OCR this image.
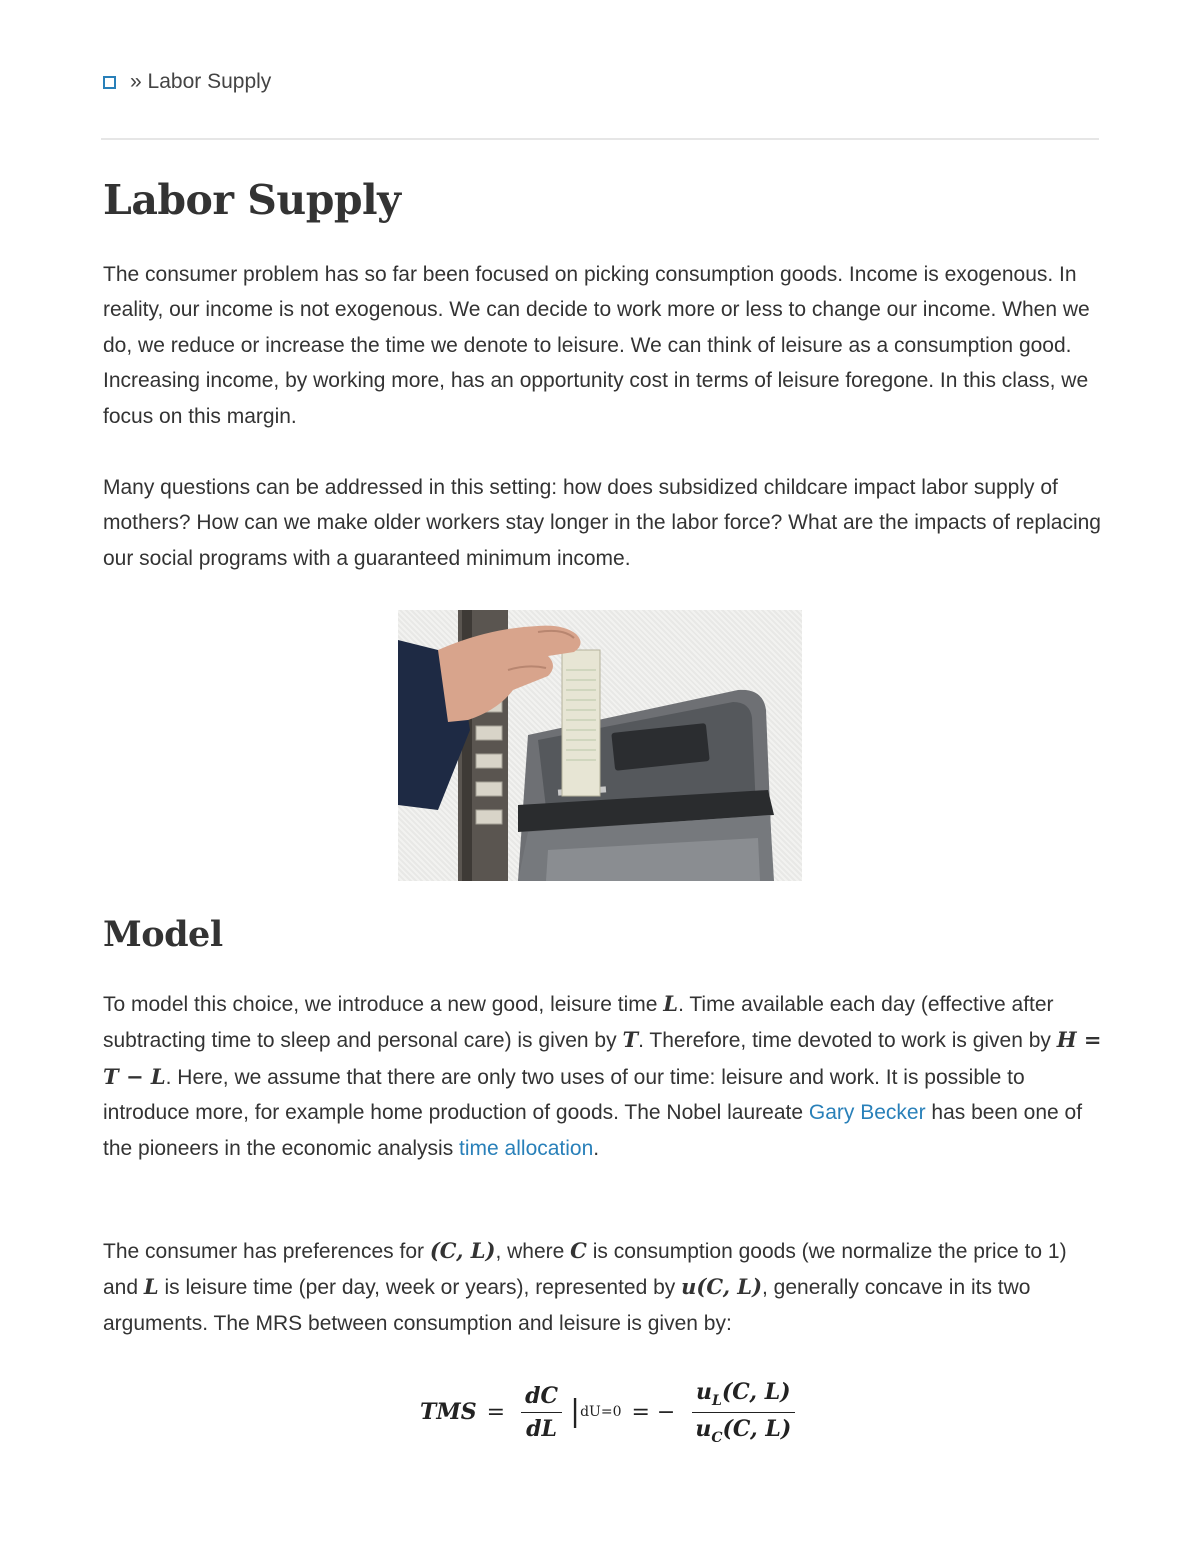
»
Labor Supply
Labor Supply

The consumer problem has so far been focused on picking consumption goods. Income is exogenous. In reality, our income is not exogenous. We can decide to work more or less to change our income. When we do, we reduce or increase the time we denote to leisure. We can think of leisure as a consumption good. Increasing income, by working more, has an opportunity cost in terms of leisure foregone. In this class, we focus on this margin.

Many questions can be addressed in this setting: how does subsidized childcare impact labor supply of mothers? How can we make older workers stay longer in the labor force? What are the impacts of replacing our social programs with a guaranteed minimum income.

Model

To model this choice, we introduce a new good, leisure time L. Time available each day (effective after subtracting time to sleep and personal care) is given by T. Therefore, time devoted to work is given by H = T − L. Here, we assume that there are only two uses of our time: leisure and work. It is possible to introduce more, for example home production of goods. The Nobel laureate Gary Becker has been one of the pioneers in the economic analysis time allocation.

The consumer has preferences for (C, L), where C is consumption goods (we normalize the price to 1) and L is leisure time (per day, week or years), represented by u(C, L), generally concave in its two arguments. The MRS between consumption and leisure is given by:

TMS = $\frac{dC}{dL}$ | dU=0 = − $\frac{u_L(C, L)}{u_C(C, L)}$
